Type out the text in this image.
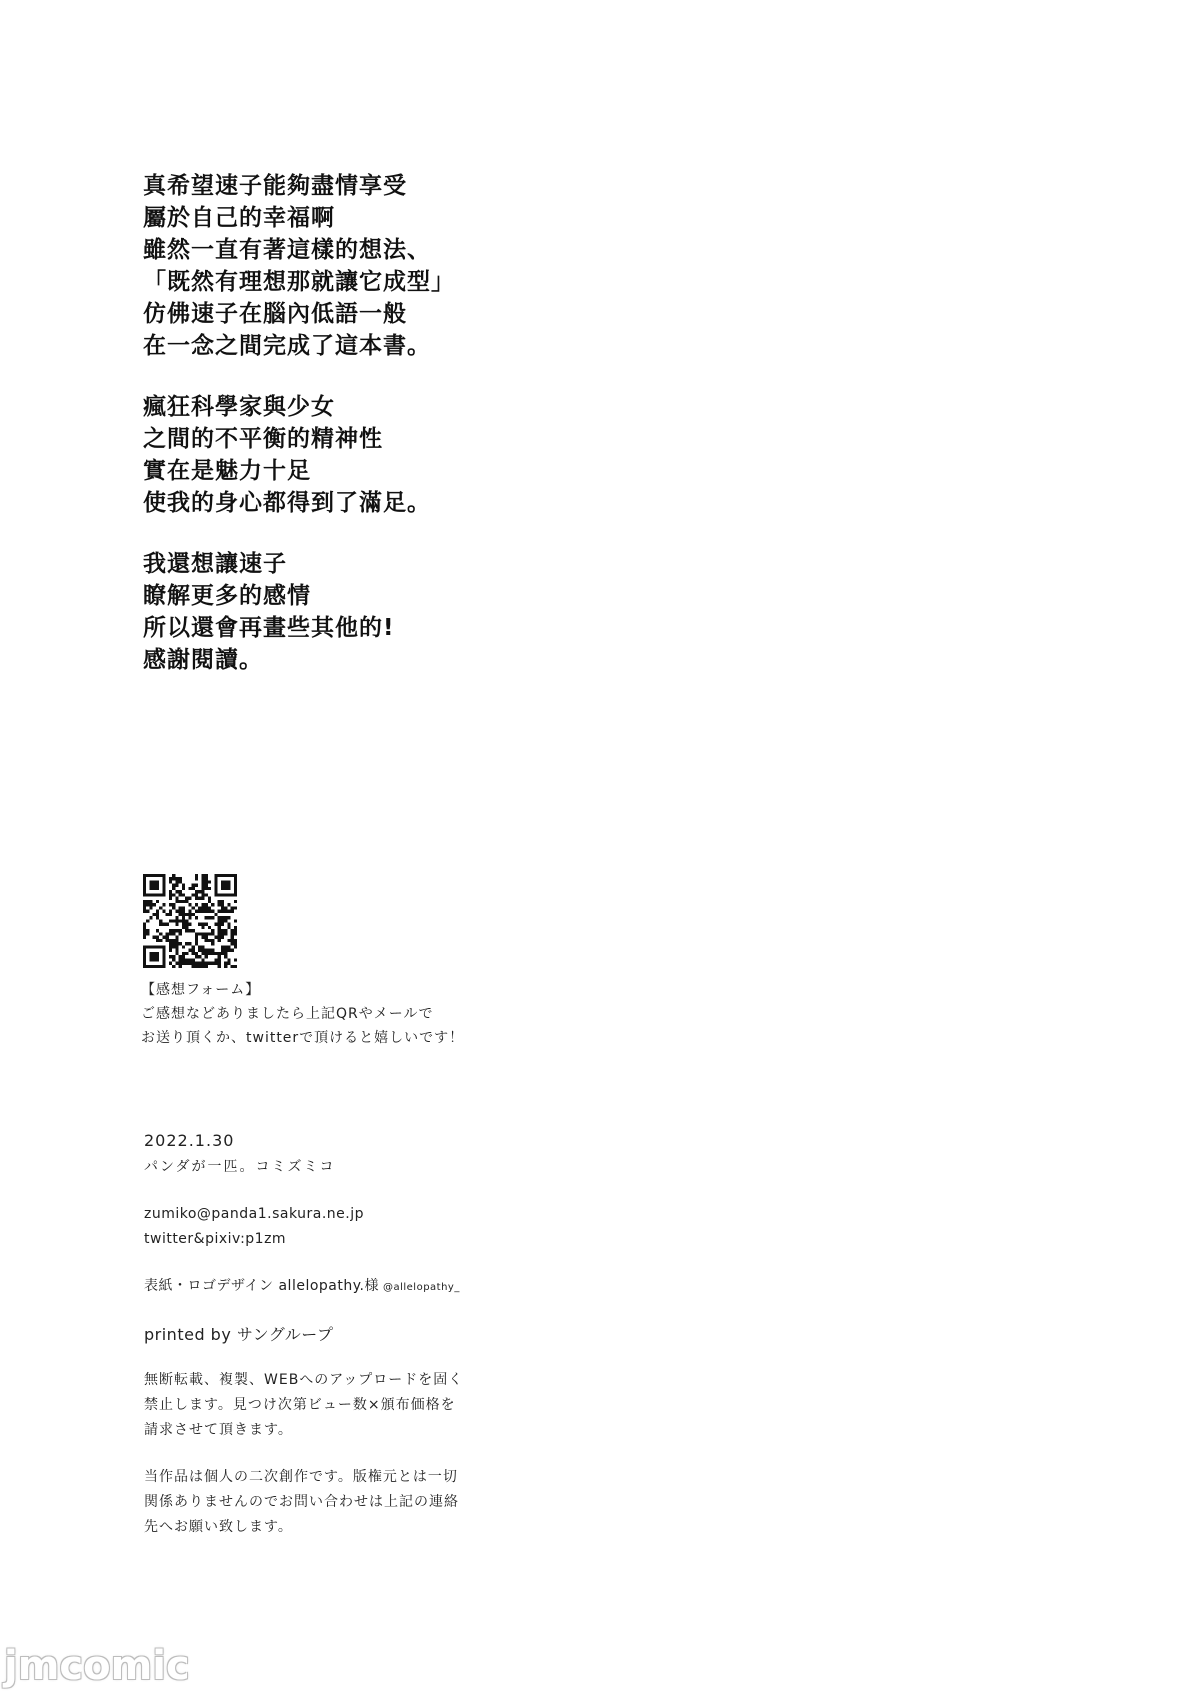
真希望速子能夠盡情享受
屬於自己的幸福啊
雖然一直有著這樣的想法、
「既然有理想那就讓它成型」
仿佛速子在腦內低語一般
在一念之間完成了這本書。
瘋狂科學家與少女
之間的不平衡的精神性
實在是魅力十足
使我的身心都得到了滿足。
我還想讓速子
瞭解更多的感情
所以還會再畫些其他的!
感謝閱讀。
【感想フォーム】
ご感想などありましたら上記QRやメールで
お送り頂くか、twitterで頂けると嬉しいです！
2022.1.30
パンダが一匹。コミズミコ
zumiko@panda1.sakura.ne.jp
twitter&pixiv:p1zm
表紙・ロゴデザイン allelopathy.様 @allelopathy_
printed by サングループ
無断転載、複製、WEBへのアップロードを固く
禁止します。見つけ次第ビュー数×頒布価格を
請求させて頂きます。
当作品は個人の二次創作です。版権元とは一切
関係ありませんのでお問い合わせは上記の連絡
先へお願い致します。
jmcomic
